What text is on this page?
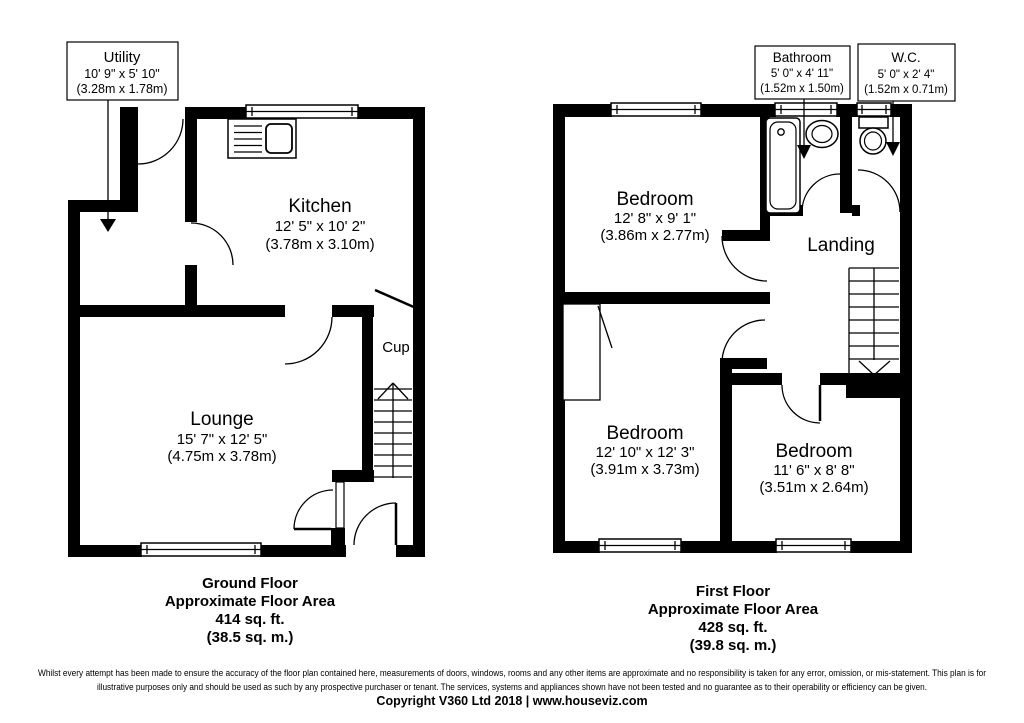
Utility
10' 9" x 5' 10"
(3.28m x 1.78m)
Kitchen
12' 5" x 10' 2"
(3.78m x 3.10m)
Cup
Lounge
15' 7" x 12' 5"
(4.75m x 3.78m)
Ground Floor
Approximate Floor Area
414 sq. ft.
(38.5 sq. m.)
Bathroom
5' 0" x 4' 11"
(1.52m x 1.50m)
W.C.
5' 0" x 2' 4"
(1.52m x 0.71m)
Bedroom
12' 8" x 9' 1"
(3.86m x 2.77m)	Landing
Bedroom
12' 10" x 12' 3"
(3.91m x 3.73m)
Bedroom
11' 6" x 8' 8"
(3.51m x 2.64m)
First Floor
Approximate Floor Area
428 sq. ft.
(39.8 sq. m.)
Whilst every attempt has been made to ensure the accuracy of the floor plan contained here, measurements of doors, windows, rooms and any other items are approximate and no responsibility is taken for any error, omission, or mis-statement. This plan is for
illustrative purposes only and should be used as such by any prospective purchaser or tenant. The services, systems and appliances shown have not been tested and no guarantee as to their operability or efficiency can be given.
Copyright V360 Ltd 2018 | www.houseviz.com
